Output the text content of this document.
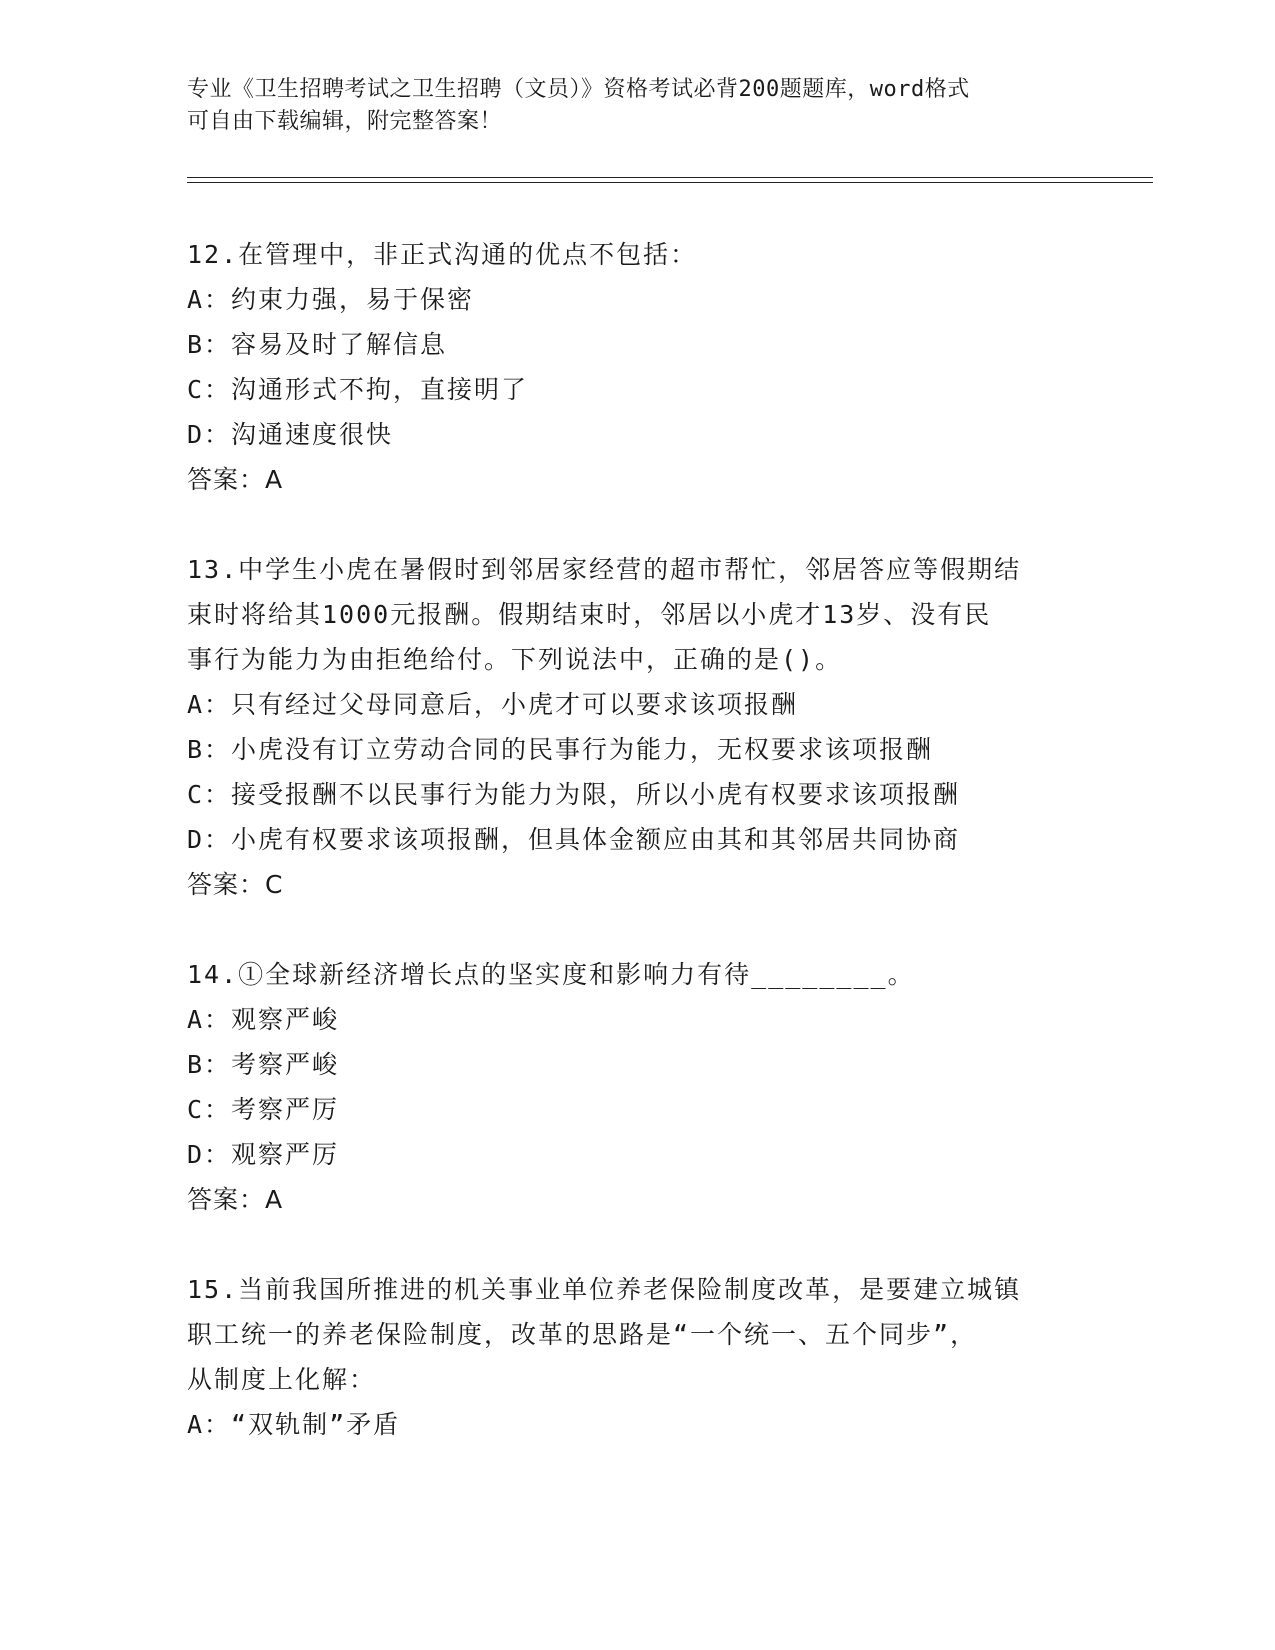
专业《卫生招聘考试之卫生招聘（文员）》资格考试必背200题题库，word格式
可自由下载编辑，附完整答案！
12.在管理中，非正式沟通的优点不包括：
A：约束力强，易于保密
B：容易及时了解信息
C：沟通形式不拘，直接明了
D：沟通速度很快
答案：A
13.中学生小虎在暑假时到邻居家经营的超市帮忙，邻居答应等假期结
束时将给其1000元报酬。假期结束时，邻居以小虎才13岁、没有民
事行为能力为由拒绝给付。下列说法中，正确的是()。
A：只有经过父母同意后，小虎才可以要求该项报酬
B：小虎没有订立劳动合同的民事行为能力，无权要求该项报酬
C：接受报酬不以民事行为能力为限，所以小虎有权要求该项报酬
D：小虎有权要求该项报酬，但具体金额应由其和其邻居共同协商
答案：C
14.①全球新经济增长点的坚实度和影响力有待________。
A：观察严峻
B：考察严峻
C：考察严厉
D：观察严厉
答案：A
15.当前我国所推进的机关事业单位养老保险制度改革，是要建立城镇
职工统一的养老保险制度，改革的思路是“一个统一、五个同步”，
从制度上化解：
A：“双轨制”矛盾
